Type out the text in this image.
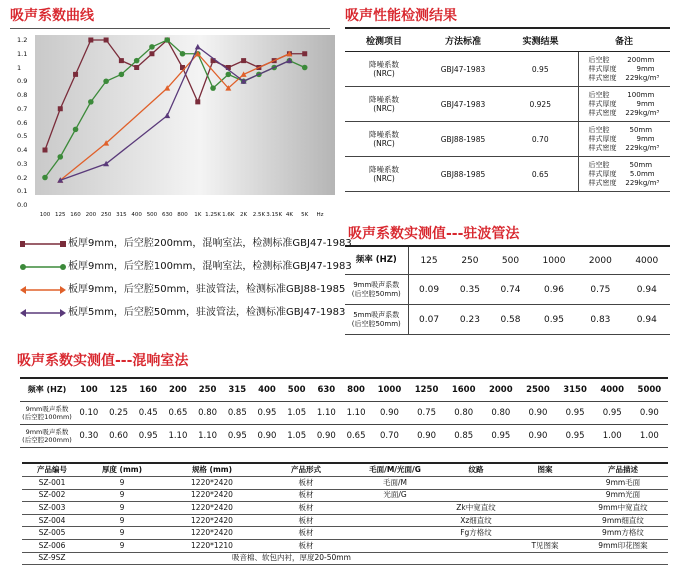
吸声系数曲线	吸声性能检测结果
吸声系数实测值---驻波管法
吸声系数实测值---混响室法
1.2
1.1
1
0.9
0.8
0.7
0.6
0.5
0.4
0.3
0.2
0.1
0.0
100 125 160 200 250 315 400 500 630 800 1K 1.25K 1.6K 2K 2.5K 3.15K 4K 5K Hz
板厚9mm，后空腔200mm，混响室法，检测标准GBJ47-1983
板厚9mm，后空腔100mm，混响室法，检测标准GBJ47-1983
板厚9mm，后空腔50mm，驻波管法，检测标准GBJ88-1985
板厚5mm，后空腔50mm，驻波管法，检测标准GBJ47-1983
检测项目	方法标准	实测结果	备注
降噪系数
(NRC)	GBJ47-1983	0.95	后空腔        200mm
样式厚度         9mm
样式密度    229kg/m³
降噪系数
(NRC)	GBJ47-1983	0.925	后空腔        100mm
样式厚度         9mm
样式密度    229kg/m³
降噪系数
(NRC)	GBJ88-1985	0.70	后空腔         50mm
样式厚度         9mm
样式密度    229kg/m³
降噪系数
(NRC)	GBJ88-1985	0.65	后空腔         50mm
样式厚度      5.0mm
样式密度    229kg/m³
频率 (HZ)	125	250	500	1000	2000	4000
9mm吸声系数
(后空腔50mm)	0.09	0.35	0.74	0.96	0.75	0.94
5mm吸声系数
(后空腔50mm)	0.07	0.23	0.58	0.95	0.83	0.94
频率 (HZ)	100	125	160	200	250	315	400	500	630	800	1000	1250	1600	2000	2500	3150	4000	5000
9mm吸声系数
(后空腔100mm)	0.10	0.25	0.45	0.65	0.80	0.85	0.95	1.05	1.10	1.10	0.90	0.75	0.80	0.80	0.90	0.95	0.95	0.90
9mm吸声系数
(后空腔200mm)	0.30	0.60	0.95	1.10	1.10	0.95	0.90	1.05	0.90	0.65	0.70	0.90	0.85	0.95	0.90	0.95	1.00	1.00
产品编号	厚度 (mm)	规格 (mm)	产品形式	毛面/M/光面/G	纹路	图案	产品描述
SZ-001	9	1220*2420	板材	毛面/M			9mm毛面
SZ-002	9	1220*2420	板材	光面/G			9mm光面
SZ-003	9	1220*2420	板材		Zk中宽直纹		9mm中宽直纹
SZ-004	9	1220*2420	板材		Xz细直纹		9mm细直纹
SZ-005	9	1220*2420	板材		Fg方格纹		9mm方格纹
SZ-006	9	1220*1210	板材			T见图案	9mm印花图案
SZ-9SZ	吸音棉、软包内衬，厚度20-50mm						
